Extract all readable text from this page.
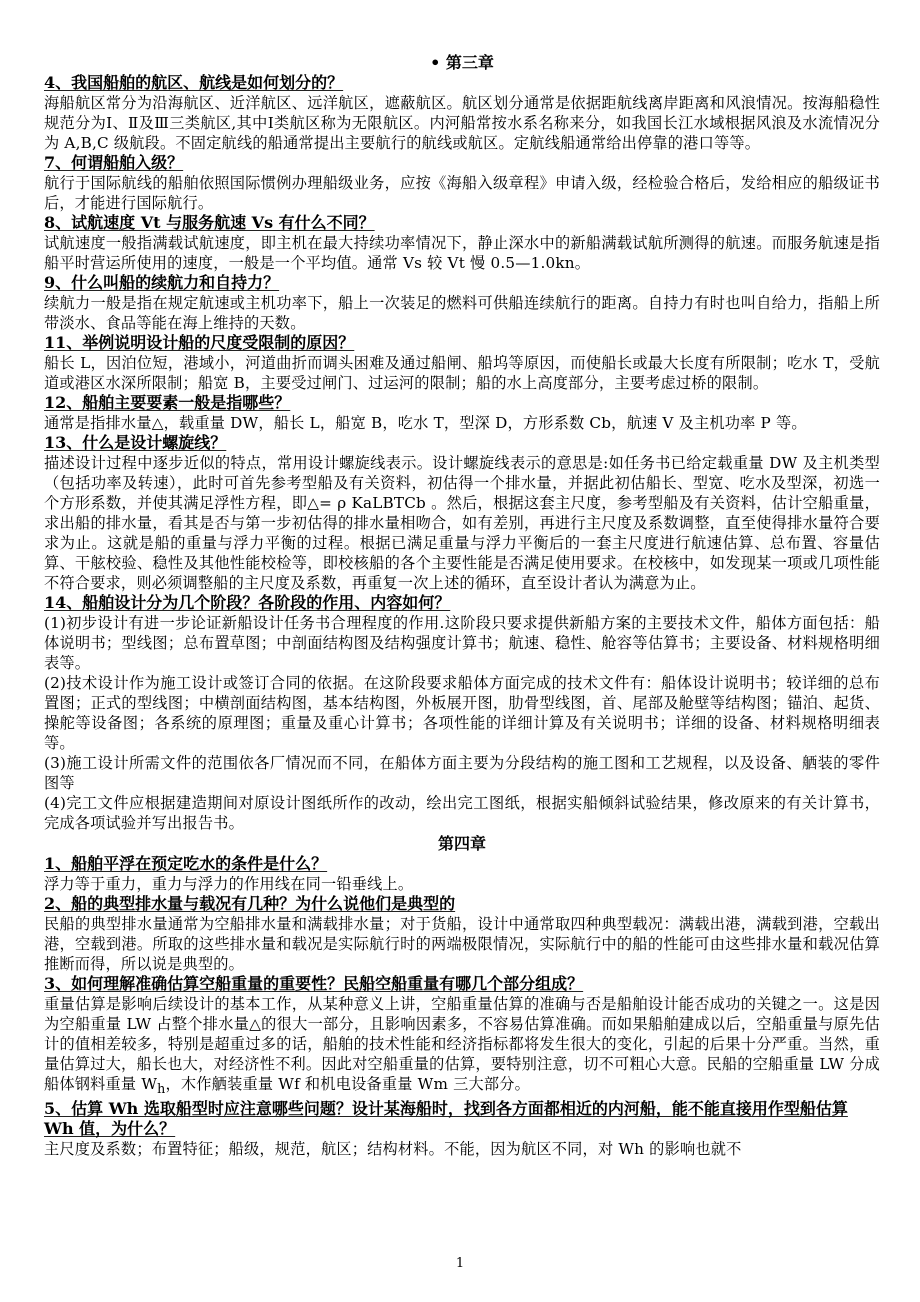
• 第三章

4、我国船舶的航区、航线是如何划分的？

海船航区常分为沿海航区、近洋航区、远洋航区，遮蔽航区。航区划分通常是依据距航线离岸距离和风浪情况。按海船稳性规范分为Ⅰ、Ⅱ及Ⅲ三类航区,其中Ⅰ类航区称为无限航区。内河船常按水系名称来分，如我国长江水域根据风浪及水流情况分为 A,B,C 级航段。不固定航线的船通常提出主要航行的航线或航区。定航线船通常给出停靠的港口等等。

7、何谓船舶入级？

航行于国际航线的船舶依照国际惯例办理船级业务，应按《海船入级章程》申请入级，经检验合格后，发给相应的船级证书后，才能进行国际航行。

8、试航速度 Vt 与服务航速 Vs 有什么不同？

试航速度一般指满载试航速度，即主机在最大持续功率情况下，静止深水中的新船满载试航所测得的航速。而服务航速是指船平时营运所使用的速度，一般是一个平均值。通常 Vs 较 Vt 慢 0.5—1.0kn。

9、什么叫船的续航力和自持力？

续航力一般是指在规定航速或主机功率下，船上一次装足的燃料可供船连续航行的距离。自持力有时也叫自给力，指船上所带淡水、食品等能在海上维持的天数。

11、举例说明设计船的尺度受限制的原因？

船长 L，因泊位短，港域小，河道曲折而调头困难及通过船闸、船坞等原因，而使船长或最大长度有所限制；吃水 T，受航道或港区水深所限制；船宽 B，主要受过闸门、过运河的限制；船的水上高度部分，主要考虑过桥的限制。

12、船舶主要要素一般是指哪些？

通常是指排水量△，载重量 DW，船长 L，船宽 B，吃水 T，型深 D，方形系数 Cb，航速 V 及主机功率 P 等。

13、什么是设计螺旋线？

描述设计过程中逐步近似的特点，常用设计螺旋线表示。设计螺旋线表示的意思是:如任务书已给定载重量 DW 及主机类型（包括功率及转速），此时可首先参考型船及有关资料，初估得一个排水量，并据此初估船长、型宽、吃水及型深，初选一个方形系数，并使其满足浮性方程，即△= ρ KaLBTCb 。然后，根据这套主尺度，参考型船及有关资料，估计空船重量，求出船的排水量，看其是否与第一步初估得的排水量相吻合，如有差别，再进行主尺度及系数调整，直至使得排水量符合要求为止。这就是船的重量与浮力平衡的过程。根据已满足重量与浮力平衡后的一套主尺度进行航速估算、总布置、容量估算、干舷校验、稳性及其他性能校检等，即校核船的各个主要性能是否满足使用要求。在校核中，如发现某一项或几项性能不符合要求，则必须调整船的主尺度及系数，再重复一次上述的循环，直至设计者认为满意为止。

14、船舶设计分为几个阶段？各阶段的作用、内容如何？

(1)初步设计有进一步论证新船设计任务书合理程度的作用.这阶段只要求提供新船方案的主要技术文件，船体方面包括：船体说明书；型线图；总布置草图；中剖面结构图及结构强度计算书；航速、稳性、舱容等估算书；主要设备、材料规格明细表等。

(2)技术设计作为施工设计或签订合同的依据。在这阶段要求船体方面完成的技术文件有：船体设计说明书；较详细的总布置图；正式的型线图；中横剖面结构图，基本结构图，外板展开图，肋骨型线图，首、尾部及舱壁等结构图；锚泊、起货、操舵等设备图；各系统的原理图；重量及重心计算书；各项性能的详细计算及有关说明书；详细的设备、材料规格明细表等。

(3)施工设计所需文件的范围依各厂情况而不同，在船体方面主要为分段结构的施工图和工艺规程，以及设备、舾装的零件图等

(4)完工文件应根据建造期间对原设计图纸所作的改动，绘出完工图纸，根据实船倾斜试验结果，修改原来的有关计算书，完成各项试验并写出报告书。

第四章

1、船舶平浮在预定吃水的条件是什么？

浮力等于重力，重力与浮力的作用线在同一铅垂线上。

2、船的典型排水量与载况有几种？为什么说他们是典型的

民船的典型排水量通常为空船排水量和满载排水量；对于货船，设计中通常取四种典型载况：满载出港，满载到港，空载出港，空载到港。所取的这些排水量和载况是实际航行时的两端极限情况，实际航行中的船的性能可由这些排水量和载况估算推断而得，所以说是典型的。

3、如何理解准确估算空船重量的重要性？民船空船重量有哪几个部分组成？

重量估算是影响后续设计的基本工作，从某种意义上讲，空船重量估算的准确与否是船舶设计能否成功的关键之一。这是因为空船重量 LW 占整个排水量△的很大一部分，且影响因素多，不容易估算准确。而如果船舶建成以后，空船重量与原先估计的值相差较多，特别是超重过多的话，船舶的技术性能和经济指标都将发生很大的变化，引起的后果十分严重。当然，重量估算过大，船长也大，对经济性不利。因此对空船重量的估算，要特别注意，切不可粗心大意。民船的空船重量 LW 分成船体钢料重量 $W_h$，木作舾装重量 Wf 和机电设备重量 Wm 三大部分。

5、估算 Wh 选取船型时应注意哪些问题？设计某海船时，找到各方面都相近的内河船，能不能直接用作型船估算 Wh 值，为什么？

主尺度及系数；布置特征；船级，规范，航区；结构材料。不能，因为航区不同，对 Wh 的影响也就不

1
